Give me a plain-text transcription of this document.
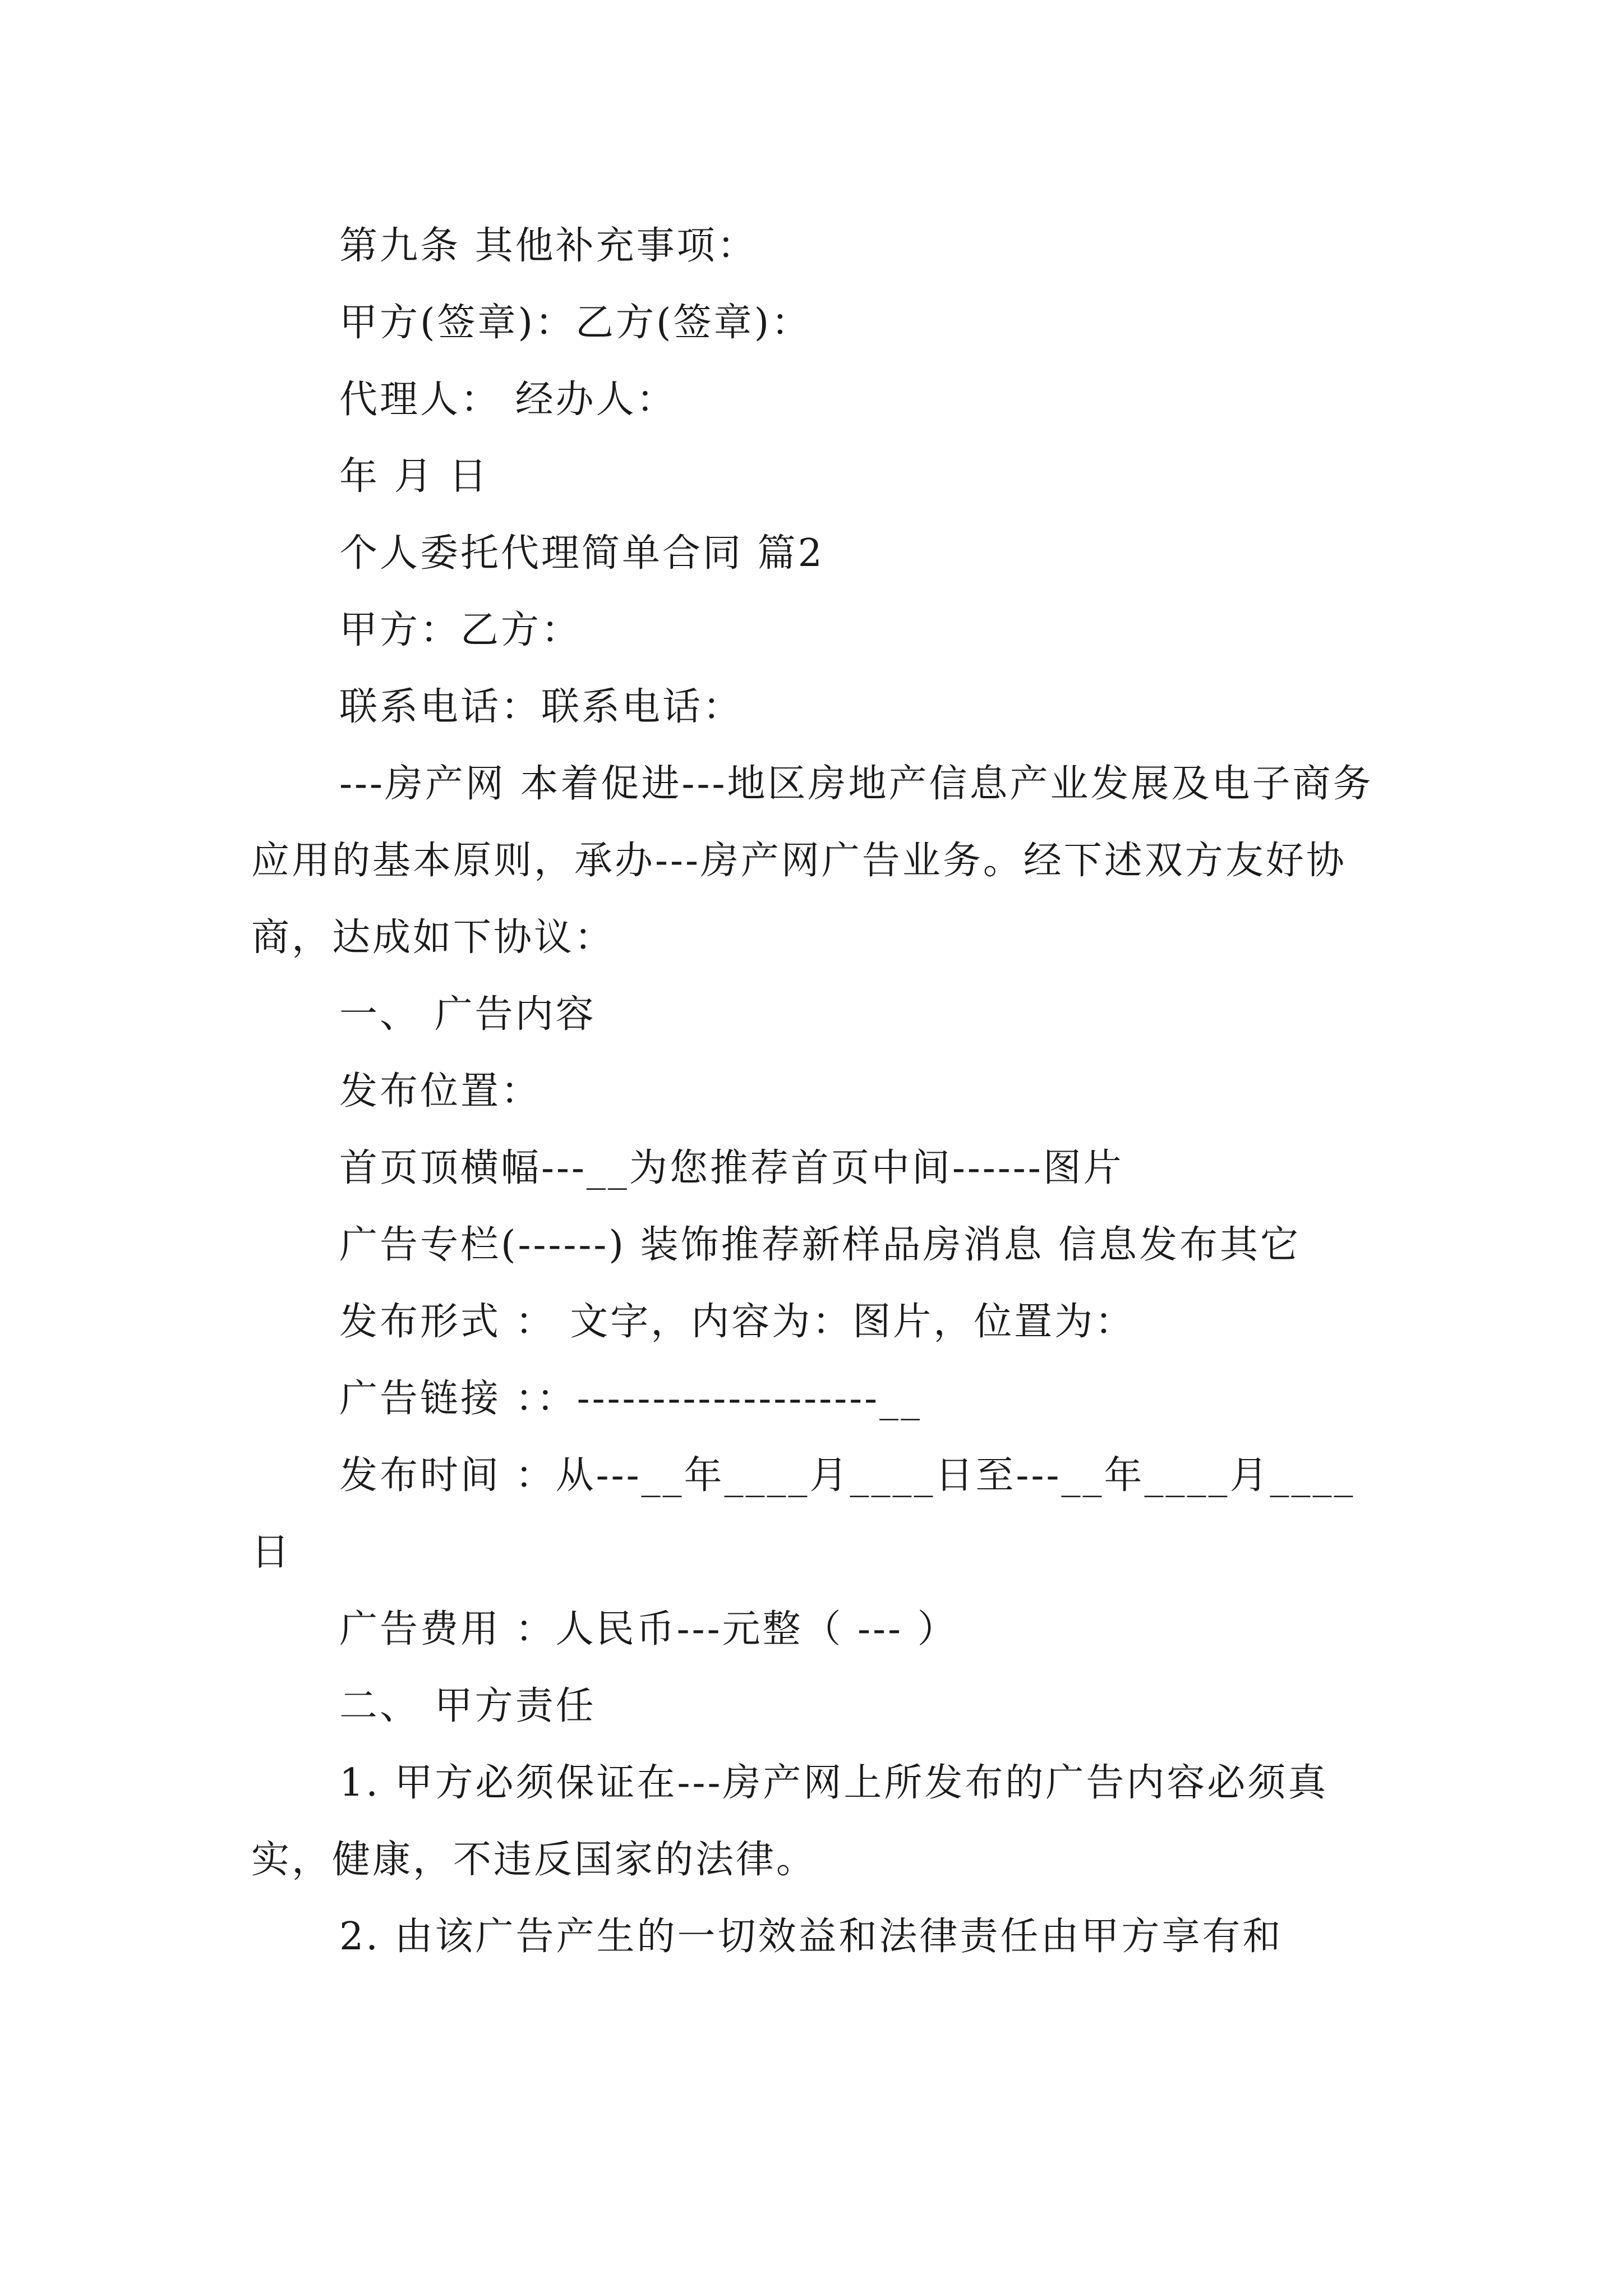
第九条 其他补充事项：

甲方(签章)：乙方(签章)：

代理人： 经办人：

年 月 日

个人委托代理简单合同 篇2

甲方：乙方：

联系电话：联系电话：

---房产网 本着促进---地区房地产信息产业发展及电子商务应用的基本原则，承办---房产网广告业务。经下述双方友好协商，达成如下协议：

一、 广告内容

发布位置：

首页顶横幅---__为您推荐首页中间------图片

广告专栏(------) 装饰推荐新样品房消息 信息发布其它

发布形式 ： 文字，内容为：图片，位置为：

广告链接 ：：--------------------__

发布时间 ：从---__年____月____日至---__年____月____日

广告费用 ：人民币---元整（ --- ）

二、 甲方责任

1. 甲方必须保证在---房产网上所发布的广告内容必须真实，健康，不违反国家的法律。

2. 由该广告产生的一切效益和法律责任由甲方享有和
